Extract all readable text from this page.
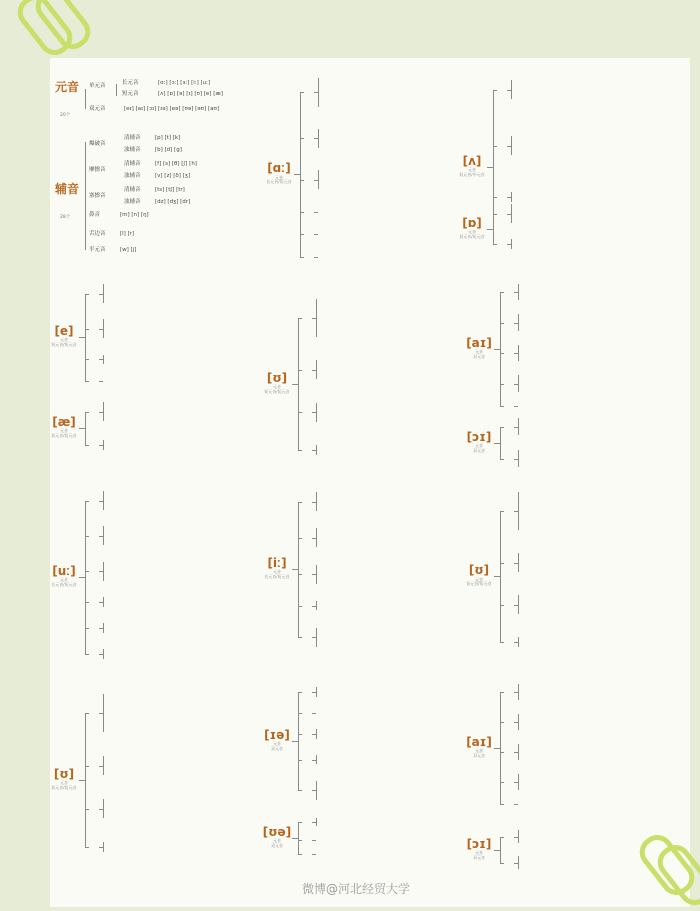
元音
20个
单元音	长元音	[ɑː] [ɔː] [ɜː] [iː] [uː]
短元音	[ʌ] [ɒ] [ə] [ɪ] [ʊ] [e] [æ]
双元音	[eɪ] [aɪ] [ɔɪ] [ɪə] [eə] [ʊə] [əʊ] [aʊ]
辅音
28个
爆破音
清辅音	[p] [t] [k]
浊辅音	[b] [d] [g]
摩擦音
清辅音	[f] [s] [θ] [ʃ] [h]
浊辅音	[v] [z] [ð] [ʒ]
塞擦音
清辅音	[ts] [tʃ] [tr]
浊辅音	[dz] [dʒ] [dr]
鼻音	[m] [n] [ŋ]
舌边音	[l] [r]
半元音	[w] [j]
[ɑː]
元音
长元音/短元音
[ʌ]
元音
短元音/中元音
[ɒ]
元音
短元音/短元音
[e]
元音
短元音/短元音
[ʊ]
元音
短元音/短元音
[aɪ]
元音
双元音
[æ]
元音
短元音/短元音	[ɔɪ]
元音
双元音
[uː]
元音
长元音/短元音
[iː]
元音
长元音/短元音	[ʊ]
元音
短元音/短元音
[ʊ]
元音
短元音/短元音
[ɪə]
元音
双元音	[aɪ]
元音
双元音
[ʊə]
元音
双元音	[ɔɪ]
元音
双元音
微博@河北经贸大学
